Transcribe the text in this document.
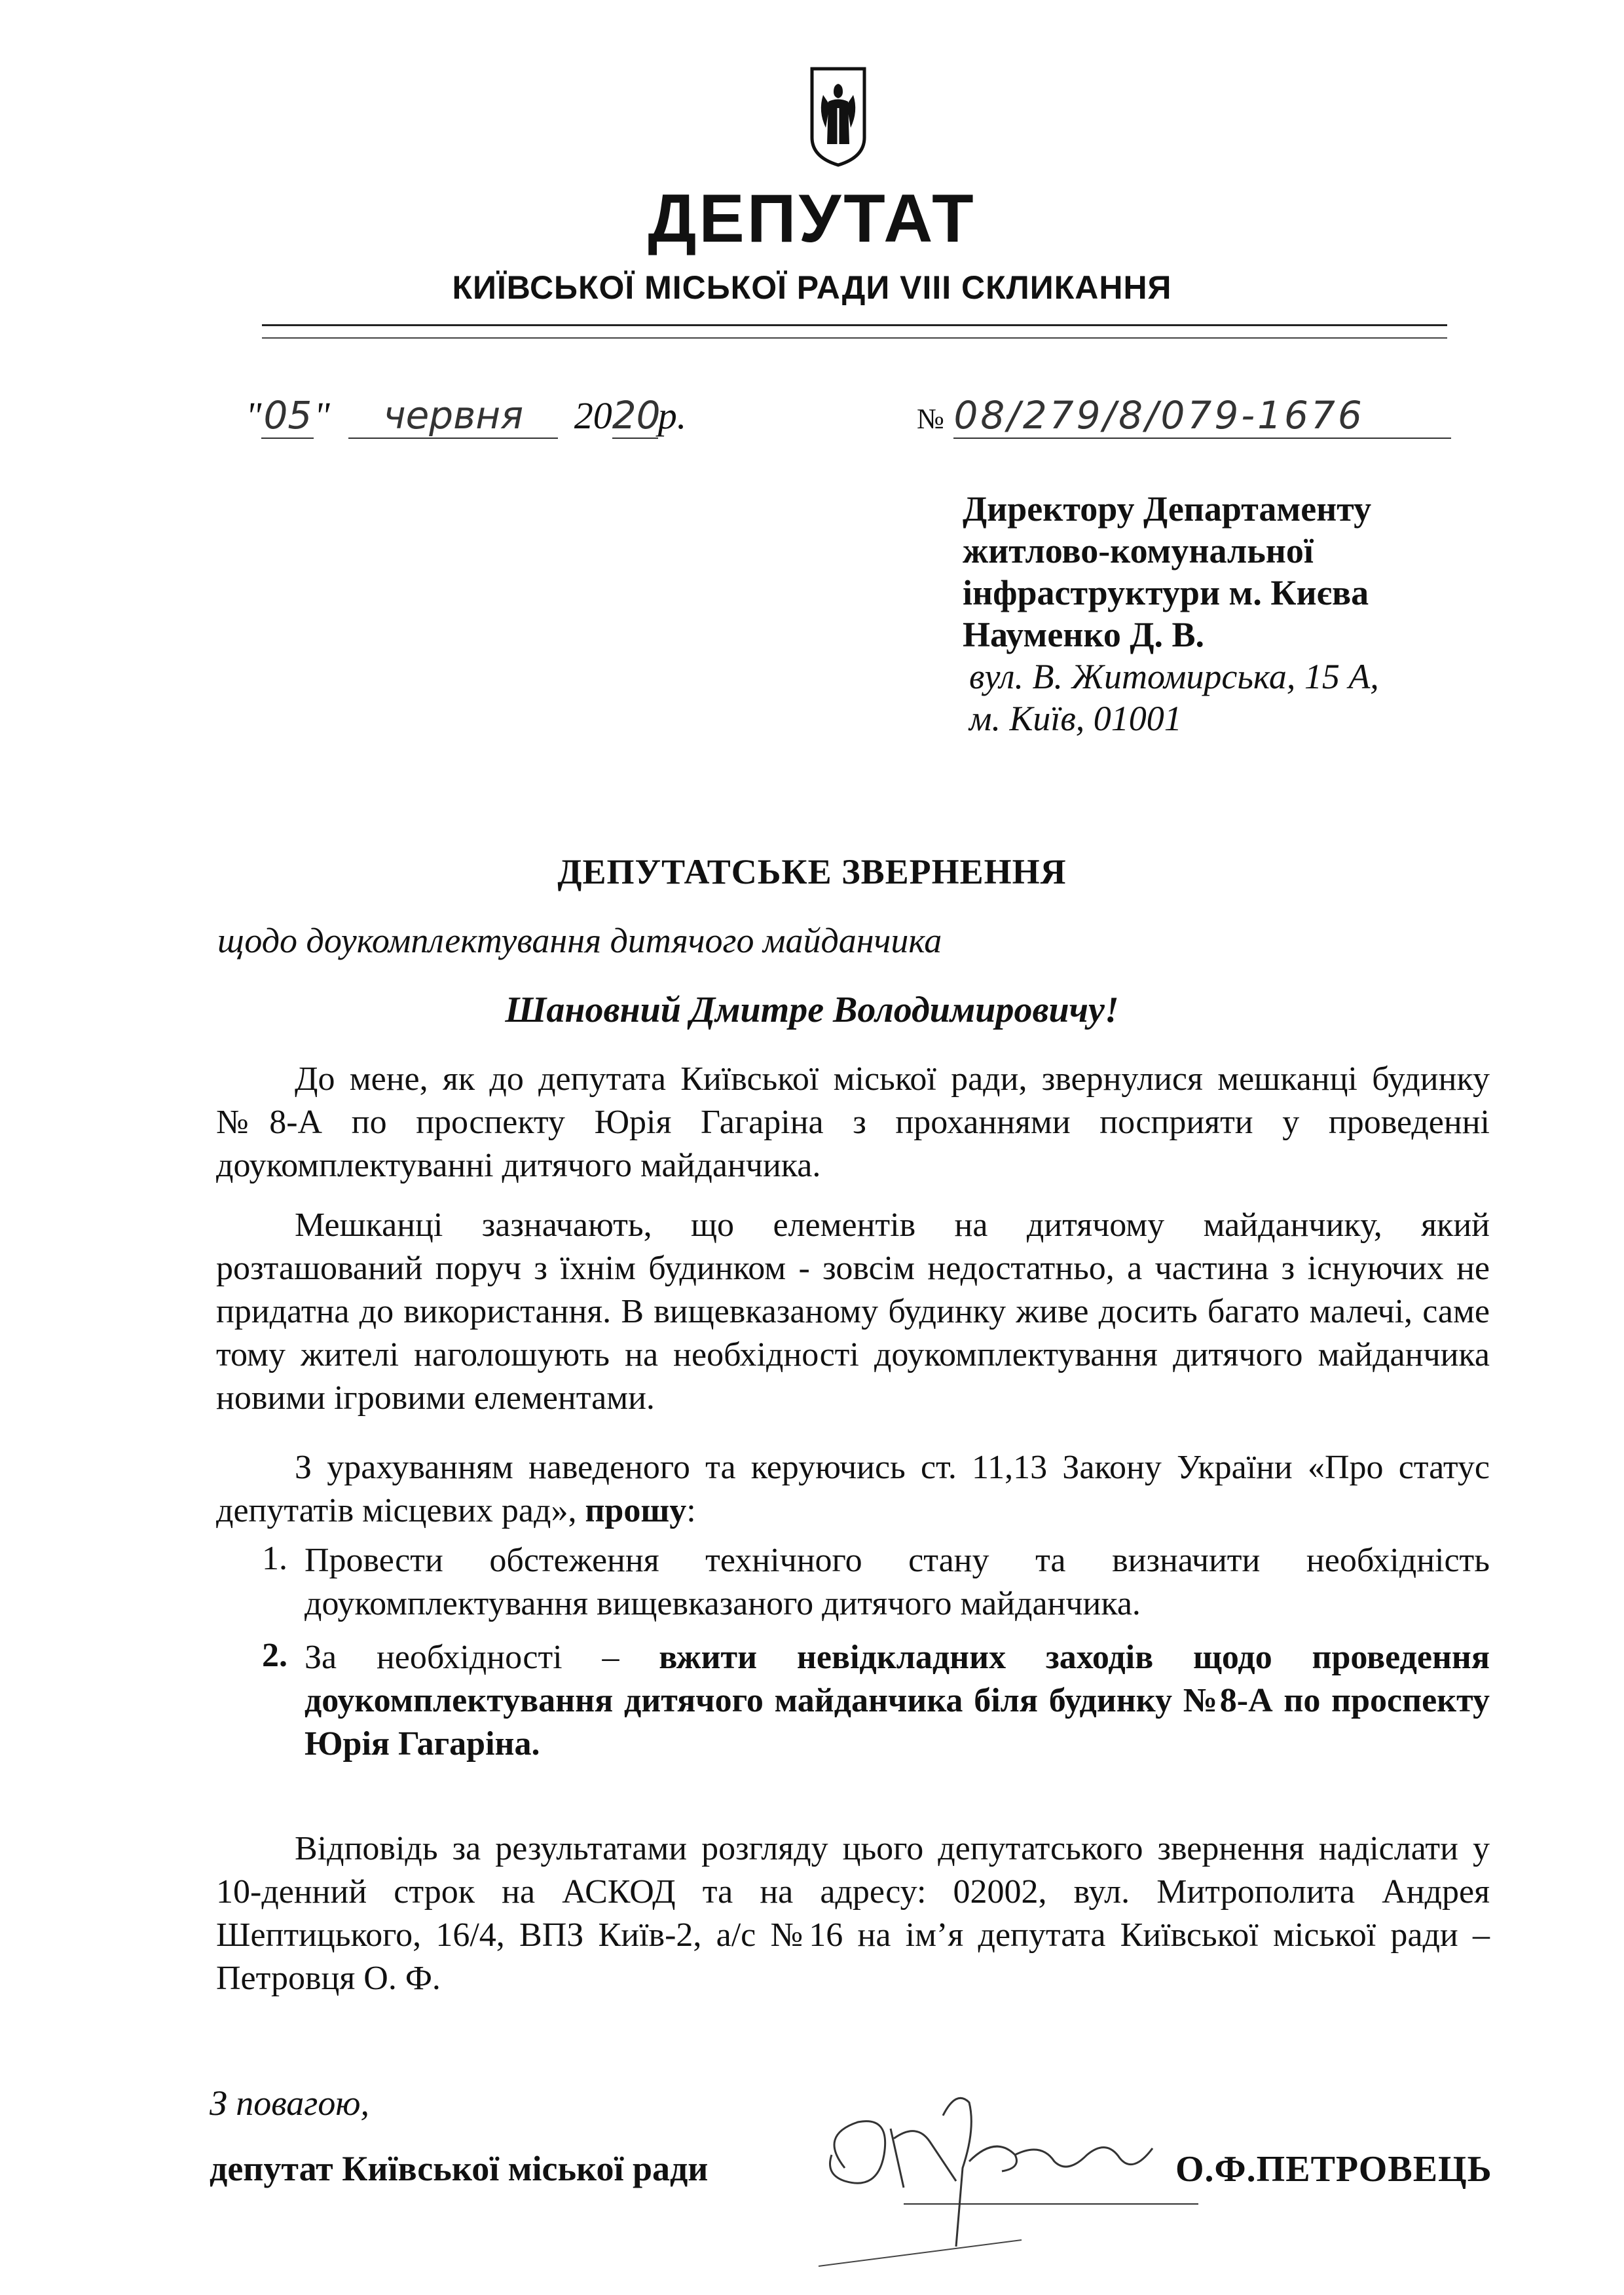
ДЕПУТАТ
КИЇВСЬКОЇ МІСЬКОЇ РАДИ VIII СКЛИКАННЯ
"05" червня 2020р.	№ 08/279/8/079-1676
Директору Департаменту
житлово-комунальної
інфраструктури м. Києва
Науменко Д. В.
вул. В. Житомирська, 15 А,
м. Київ, 01001
ДЕПУТАТСЬКЕ ЗВЕРНЕННЯ
щодо доукомплектування дитячого майданчика
Шановний Дмитре Володимировичу!
До мене, як до депутата Київської міської ради, звернулися мешканці будинку №8-А по проспекту Юрія Гагаріна з проханнями посприяти у проведенні доукомплектуванні дитячого майданчика.
Мешканці зазначають, що елементів на дитячому майданчику, який розташований поруч з їхнім будинком - зовсім недостатньо, а частина з існуючих не придатна до використання. В вищевказаному будинку живе досить багато малечі, саме тому жителі наголошують на необхідності доукомплектування дитячого майданчика новими ігровими елементами.
З урахуванням наведеного та керуючись ст. 11,13 Закону України «Про статус депутатів місцевих рад», прошу:
1. Провести обстеження технічного стану та визначити необхідність доукомплектування вищевказаного дитячого майданчика.
2. За необхідності – вжити невідкладних заходів щодо проведення доукомплектування дитячого майданчика біля будинку №8-А по проспекту Юрія Гагаріна.
Відповідь за результатами розгляду цього депутатського звернення надіслати у 10-денний строк на АСКОД та на адресу: 02002, вул. Митрополита Андрея Шептицького, 16/4, ВПЗ Київ-2, а/с №16 на ім’я депутата Київської міської ради – Петровця О. Ф.
З повагою,
депутат Київської міської ради	О.Ф.ПЕТРОВЕЦЬ
